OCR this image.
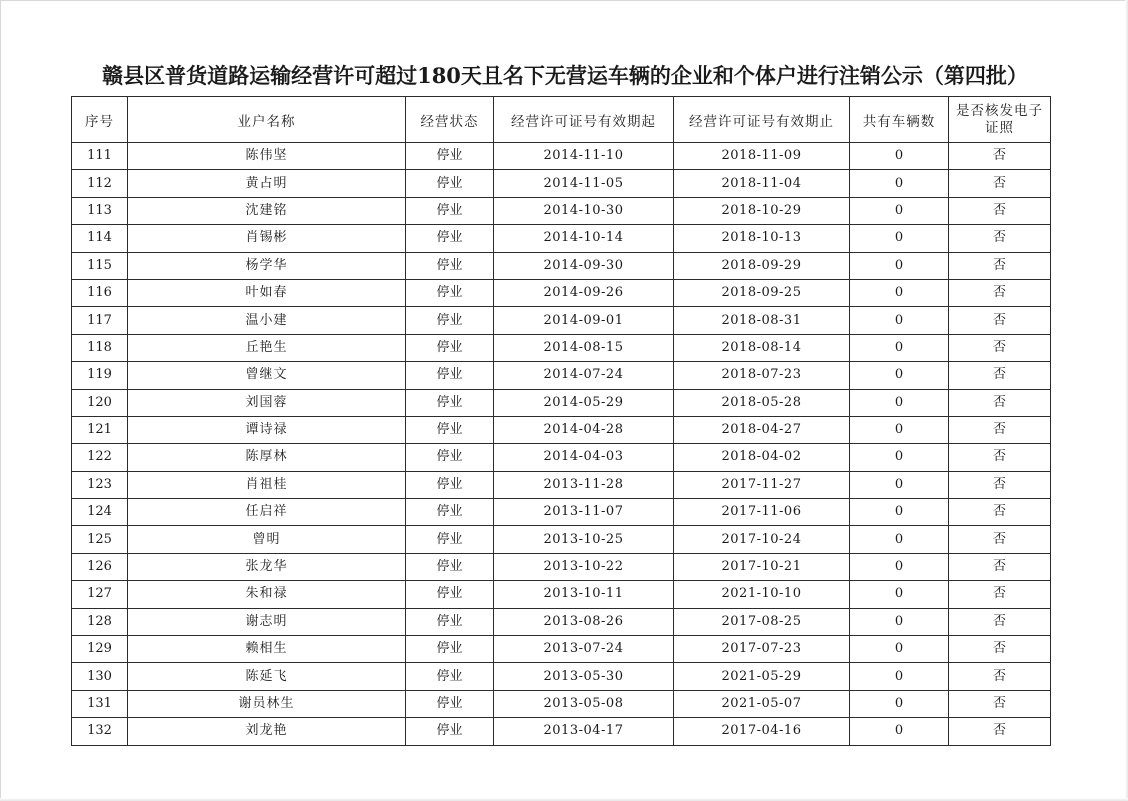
赣县区普货道路运输经营许可超过180天且名下无营运车辆的企业和个体户进行注销公示（第四批）
序号	业户名称	经营状态	经营许可证号有效期起	经营许可证号有效期止	共有车辆数	是否核发电子证照
111	陈伟坚	停业	2014-11-10	2018-11-09	0	否
112	黄占明	停业	2014-11-05	2018-11-04	0	否
113	沈建铭	停业	2014-10-30	2018-10-29	0	否
114	肖锡彬	停业	2014-10-14	2018-10-13	0	否
115	杨学华	停业	2014-09-30	2018-09-29	0	否
116	叶如春	停业	2014-09-26	2018-09-25	0	否
117	温小建	停业	2014-09-01	2018-08-31	0	否
118	丘艳生	停业	2014-08-15	2018-08-14	0	否
119	曾继文	停业	2014-07-24	2018-07-23	0	否
120	刘国蓉	停业	2014-05-29	2018-05-28	0	否
121	谭诗禄	停业	2014-04-28	2018-04-27	0	否
122	陈厚林	停业	2014-04-03	2018-04-02	0	否
123	肖祖桂	停业	2013-11-28	2017-11-27	0	否
124	任启祥	停业	2013-11-07	2017-11-06	0	否
125	曾明	停业	2013-10-25	2017-10-24	0	否
126	张龙华	停业	2013-10-22	2017-10-21	0	否
127	朱和禄	停业	2013-10-11	2021-10-10	0	否
128	谢志明	停业	2013-08-26	2017-08-25	0	否
129	赖相生	停业	2013-07-24	2017-07-23	0	否
130	陈延飞	停业	2013-05-30	2021-05-29	0	否
131	谢员林生	停业	2013-05-08	2021-05-07	0	否
132	刘龙艳	停业	2013-04-17	2017-04-16	0	否
